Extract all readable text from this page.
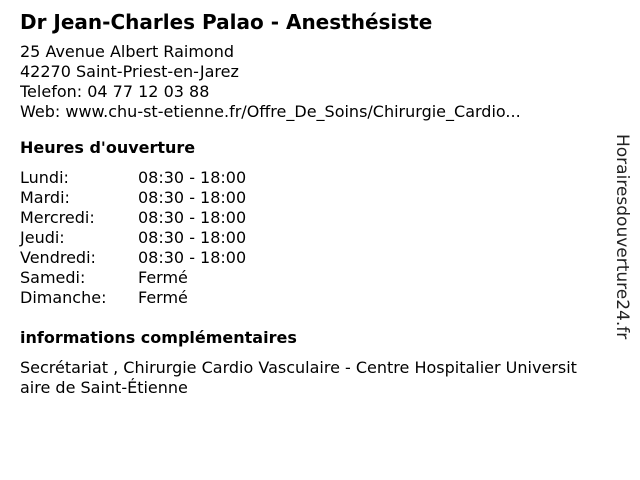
Dr Jean-Charles Palao - Anesthésiste
25 Avenue Albert Raimond
42270 Saint-Priest-en-Jarez
Telefon: 04 77 12 03 88
Web: www.chu-st-etienne.fr/Offre_De_Soins/Chirurgie_Cardio...
Heures d'ouverture
Lundi:	08:30 - 18:00
Mardi:	08:30 - 18:00
Mercredi:	08:30 - 18:00
Jeudi:	08:30 - 18:00
Vendredi:	08:30 - 18:00
Samedi:	Fermé
Dimanche:	Fermé
informations complémentaires
Secrétariat , Chirurgie Cardio Vasculaire - Centre Hospitalier Universitaire de Saint-Étienne
Horairesdouverture24.fr
